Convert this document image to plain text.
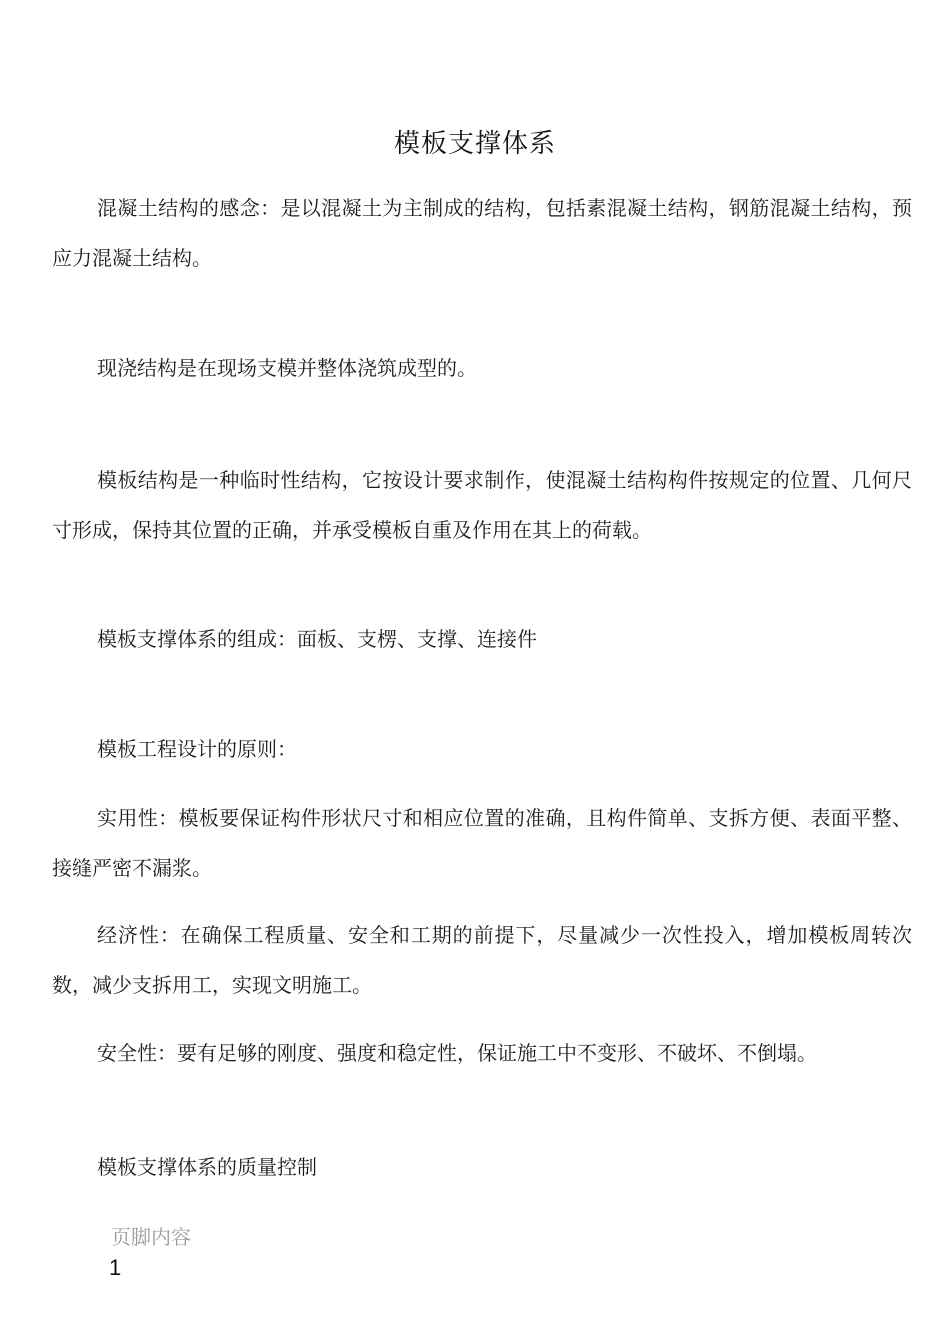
模板支撑体系

混凝土结构的感念：是以混凝土为主制成的结构，包括素混凝土结构，钢筋混凝土结构，预应力混凝土结构。

现浇结构是在现场支模并整体浇筑成型的。

模板结构是一种临时性结构，它按设计要求制作，使混凝土结构构件按规定的位置、几何尺寸形成，保持其位置的正确，并承受模板自重及作用在其上的荷载。

模板支撑体系的组成：面板、支楞、支撑、连接件

模板工程设计的原则：

实用性：模板要保证构件形状尺寸和相应位置的准确，且构件简单、支拆方便、表面平整、接缝严密不漏浆。

经济性：在确保工程质量、安全和工期的前提下，尽量减少一次性投入，增加模板周转次数，减少支拆用工，实现文明施工。

安全性：要有足够的刚度、强度和稳定性，保证施工中不变形、不破坏、不倒塌。

模板支撑体系的质量控制

页脚内容
1
